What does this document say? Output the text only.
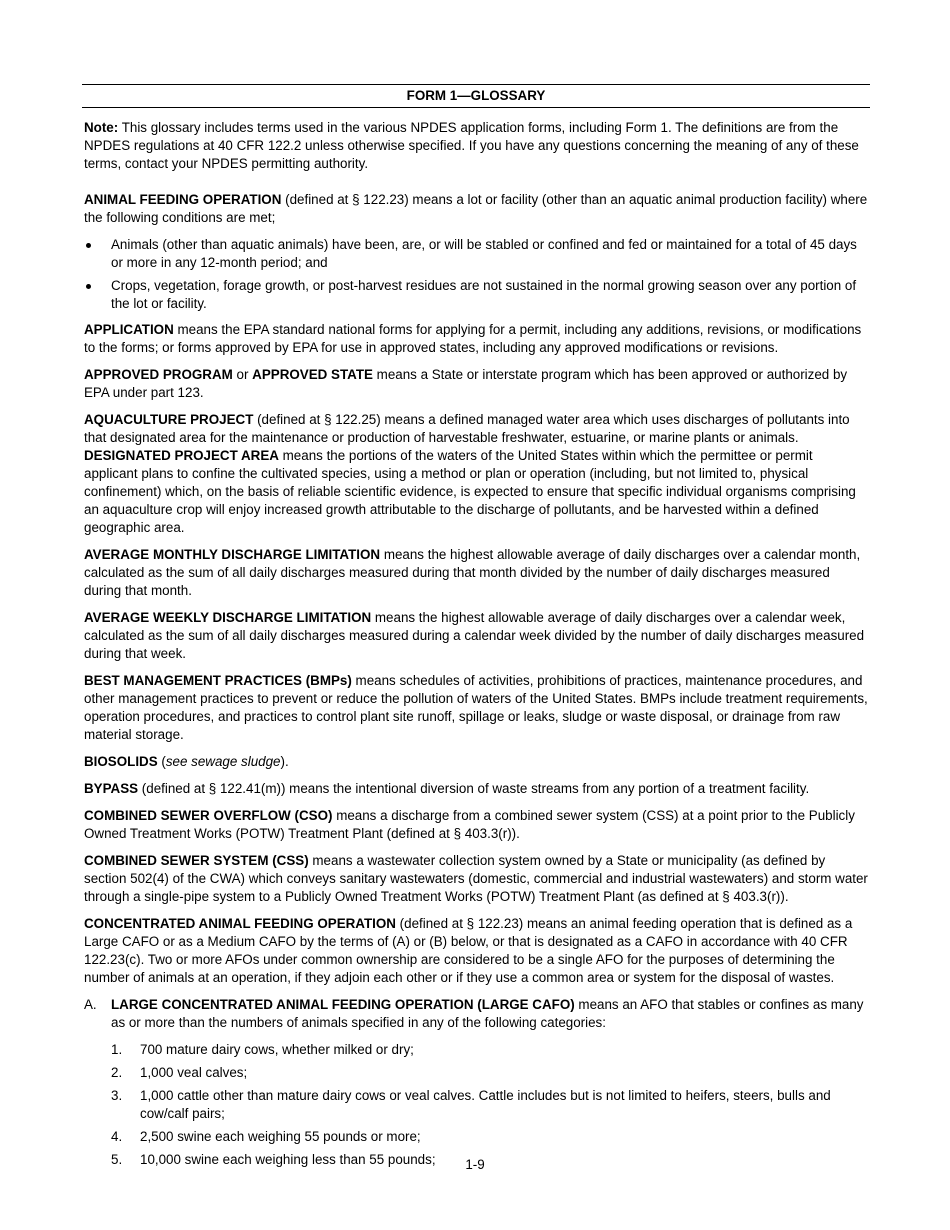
FORM 1—GLOSSARY

Note: This glossary includes terms used in the various NPDES application forms, including Form 1. The definitions are from the NPDES regulations at 40 CFR 122.2 unless otherwise specified. If you have any questions concerning the meaning of any of these terms, contact your NPDES permitting authority.

ANIMAL FEEDING OPERATION (defined at § 122.23) means a lot or facility (other than an aquatic animal production facility) where the following conditions are met;

Animals (other than aquatic animals) have been, are, or will be stabled or confined and fed or maintained for a total of 45 days or more in any 12-month period; and
Crops, vegetation, forage growth, or post-harvest residues are not sustained in the normal growing season over any portion of the lot or facility.

APPLICATION means the EPA standard national forms for applying for a permit, including any additions, revisions, or modifications to the forms; or forms approved by EPA for use in approved states, including any approved modifications or revisions.

APPROVED PROGRAM or APPROVED STATE means a State or interstate program which has been approved or authorized by EPA under part 123.

AQUACULTURE PROJECT (defined at § 122.25) means a defined managed water area which uses discharges of pollutants into that designated area for the maintenance or production of harvestable freshwater, estuarine, or marine plants or animals. DESIGNATED PROJECT AREA means the portions of the waters of the United States within which the permittee or permit applicant plans to confine the cultivated species, using a method or plan or operation (including, but not limited to, physical confinement) which, on the basis of reliable scientific evidence, is expected to ensure that specific individual organisms comprising an aquaculture crop will enjoy increased growth attributable to the discharge of pollutants, and be harvested within a defined geographic area.

AVERAGE MONTHLY DISCHARGE LIMITATION means the highest allowable average of daily discharges over a calendar month, calculated as the sum of all daily discharges measured during that month divided by the number of daily discharges measured during that month.

AVERAGE WEEKLY DISCHARGE LIMITATION means the highest allowable average of daily discharges over a calendar week, calculated as the sum of all daily discharges measured during a calendar week divided by the number of daily discharges measured during that week.

BEST MANAGEMENT PRACTICES (BMPs) means schedules of activities, prohibitions of practices, maintenance procedures, and other management practices to prevent or reduce the pollution of waters of the United States. BMPs include treatment requirements, operation procedures, and practices to control plant site runoff, spillage or leaks, sludge or waste disposal, or drainage from raw material storage.

BIOSOLIDS (see sewage sludge).

BYPASS (defined at § 122.41(m)) means the intentional diversion of waste streams from any portion of a treatment facility.

COMBINED SEWER OVERFLOW (CSO) means a discharge from a combined sewer system (CSS) at a point prior to the Publicly Owned Treatment Works (POTW) Treatment Plant (defined at § 403.3(r)).

COMBINED SEWER SYSTEM (CSS) means a wastewater collection system owned by a State or municipality (as defined by section 502(4) of the CWA) which conveys sanitary wastewaters (domestic, commercial and industrial wastewaters) and storm water through a single-pipe system to a Publicly Owned Treatment Works (POTW) Treatment Plant (as defined at § 403.3(r)).

CONCENTRATED ANIMAL FEEDING OPERATION (defined at § 122.23) means an animal feeding operation that is defined as a Large CAFO or as a Medium CAFO by the terms of (A) or (B) below, or that is designated as a CAFO in accordance with 40 CFR 122.23(c). Two or more AFOs under common ownership are considered to be a single AFO for the purposes of determining the number of animals at an operation, if they adjoin each other or if they use a common area or system for the disposal of wastes.

A. LARGE CONCENTRATED ANIMAL FEEDING OPERATION (LARGE CAFO) means an AFO that stables or confines as many as or more than the numbers of animals specified in any of the following categories:
1. 700 mature dairy cows, whether milked or dry;
2. 1,000 veal calves;
3. 1,000 cattle other than mature dairy cows or veal calves. Cattle includes but is not limited to heifers, steers, bulls and cow/calf pairs;
4. 2,500 swine each weighing 55 pounds or more;
5. 10,000 swine each weighing less than 55 pounds;	1-9
